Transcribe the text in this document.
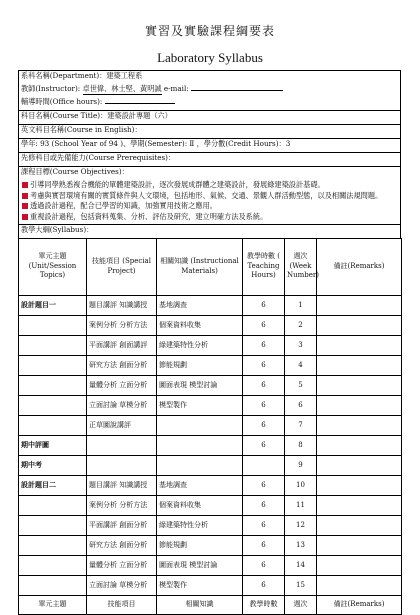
實習及實驗課程綱要表
Laboratory Syllabus
系科名稱(Department)：建築工程系
教師(Instructor): 卓世偉、林士堅、黃明誠 e-mail:
輔導時間(Office hours):
科目名稱(Course Title)：建築設計專題（六）
英文科目名稱(Course in English)：
學年: 93 (School Year of 94 )、學期(Semester): Ⅱ ，學分數(Credit Hours)：3
先修科目或先備能力(Course Prerequisites)：
課程目標(Course Objectives)：
引導同學熟悉複合機能的單體建築設計，逐次發展成群體之建築設計，發展綠建築設計基礎。
考慮與實習環境有關的實質條件與人文環境，包括地形、氣候、交通、景觀人群活動型態，以及相關法規問題。
透過設計過程，配合已學習的知識，加強實用技術之應用。
重視設計過程，包括資料蒐集、分析、評估及研究，建立明確方法及系統。
教學大綱(Syllabus)：
單元主題 (Unit/Session Topics)	技能項目 (Special Project)	相關知識 (Instructional Materials)	教學時數 ( Teaching Hours)	週次 (Week Number)	備註(Remarks)
設計題目一	題目講評 知識講授	基地調查	6	1	
	案例分析 分析方法	個案資料收集	6	2	
	平面講評 創面講評	綠建築特性分析	6	3	
	研究方法 創面分析	節能規劃	6	4	
	量體分析 立面分析	圖面表現 模型討論	6	5	
	立面討論 草模分析	模型製作	6	6	
	正草圖說講評		6	7	
期中評圖			6	8	
期中考				9	
設計題目二	題目講評 知識講授	基地調查	6	10	
	案例分析 分析方法	個案資料收集	6	11	
	平面講評 創面分析	綠建築特性分析	6	12	
	研究方法 創面分析	節能規劃	6	13	
	量體分析 立面分析	圖面表現 模型討論	6	14	
	立面討論 草模分析	模型製作	6	15	
單元主題	技能項目	相關知識	教學時數	週次	備註(Remarks)
